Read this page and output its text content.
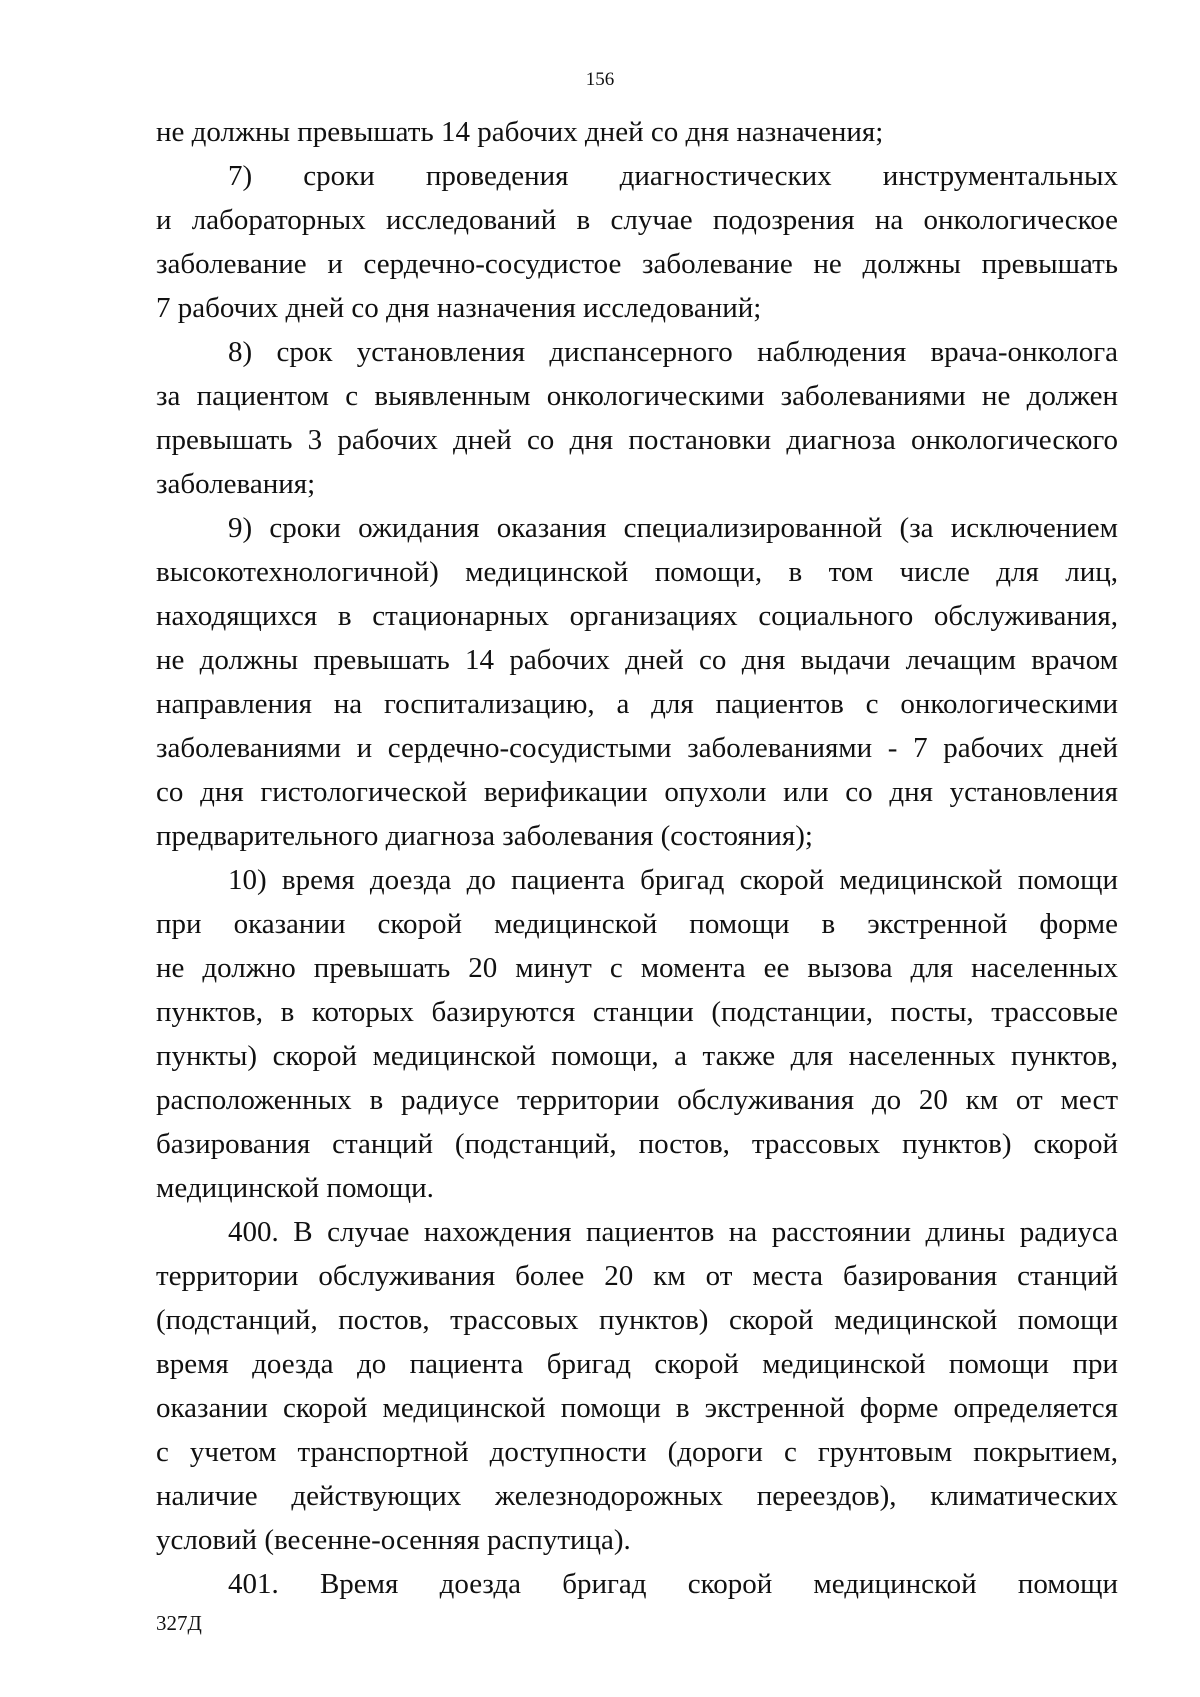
156
не должны превышать 14 рабочих дней со дня назначения;
7) сроки проведения диагностических инструментальных
и лабораторных исследований в случае подозрения на онкологическое
заболевание и сердечно-сосудистое заболевание не должны превышать
7 рабочих дней со дня назначения исследований;
8) срок установления диспансерного наблюдения врача-онколога
за пациентом с выявленным онкологическими заболеваниями не должен
превышать 3 рабочих дней со дня постановки диагноза онкологического
заболевания;
9) сроки ожидания оказания специализированной (за исключением
высокотехнологичной) медицинской помощи, в том числе для лиц,
находящихся в стационарных организациях социального обслуживания,
не должны превышать 14 рабочих дней со дня выдачи лечащим врачом
направления на госпитализацию, а для пациентов с онкологическими
заболеваниями и сердечно-сосудистыми заболеваниями - 7 рабочих дней
со дня гистологической верификации опухоли или со дня установления
предварительного диагноза заболевания (состояния);
10) время доезда до пациента бригад скорой медицинской помощи
при оказании скорой медицинской помощи в экстренной форме
не должно превышать 20 минут с момента ее вызова для населенных
пунктов, в которых базируются станции (подстанции, посты, трассовые
пункты) скорой медицинской помощи, а также для населенных пунктов,
расположенных в радиусе территории обслуживания до 20 км от мест
базирования станций (подстанций, постов, трассовых пунктов) скорой
медицинской помощи.
400. В случае нахождения пациентов на расстоянии длины радиуса
территории обслуживания более 20 км от места базирования станций
(подстанций, постов, трассовых пунктов) скорой медицинской помощи
время доезда до пациента бригад скорой медицинской помощи при
оказании скорой медицинской помощи в экстренной форме определяется
с учетом транспортной доступности (дороги с грунтовым покрытием,
наличие действующих железнодорожных переездов), климатических
условий (весенне-осенняя распутица).
401. Время доезда бригад скорой медицинской помощи
327Д
